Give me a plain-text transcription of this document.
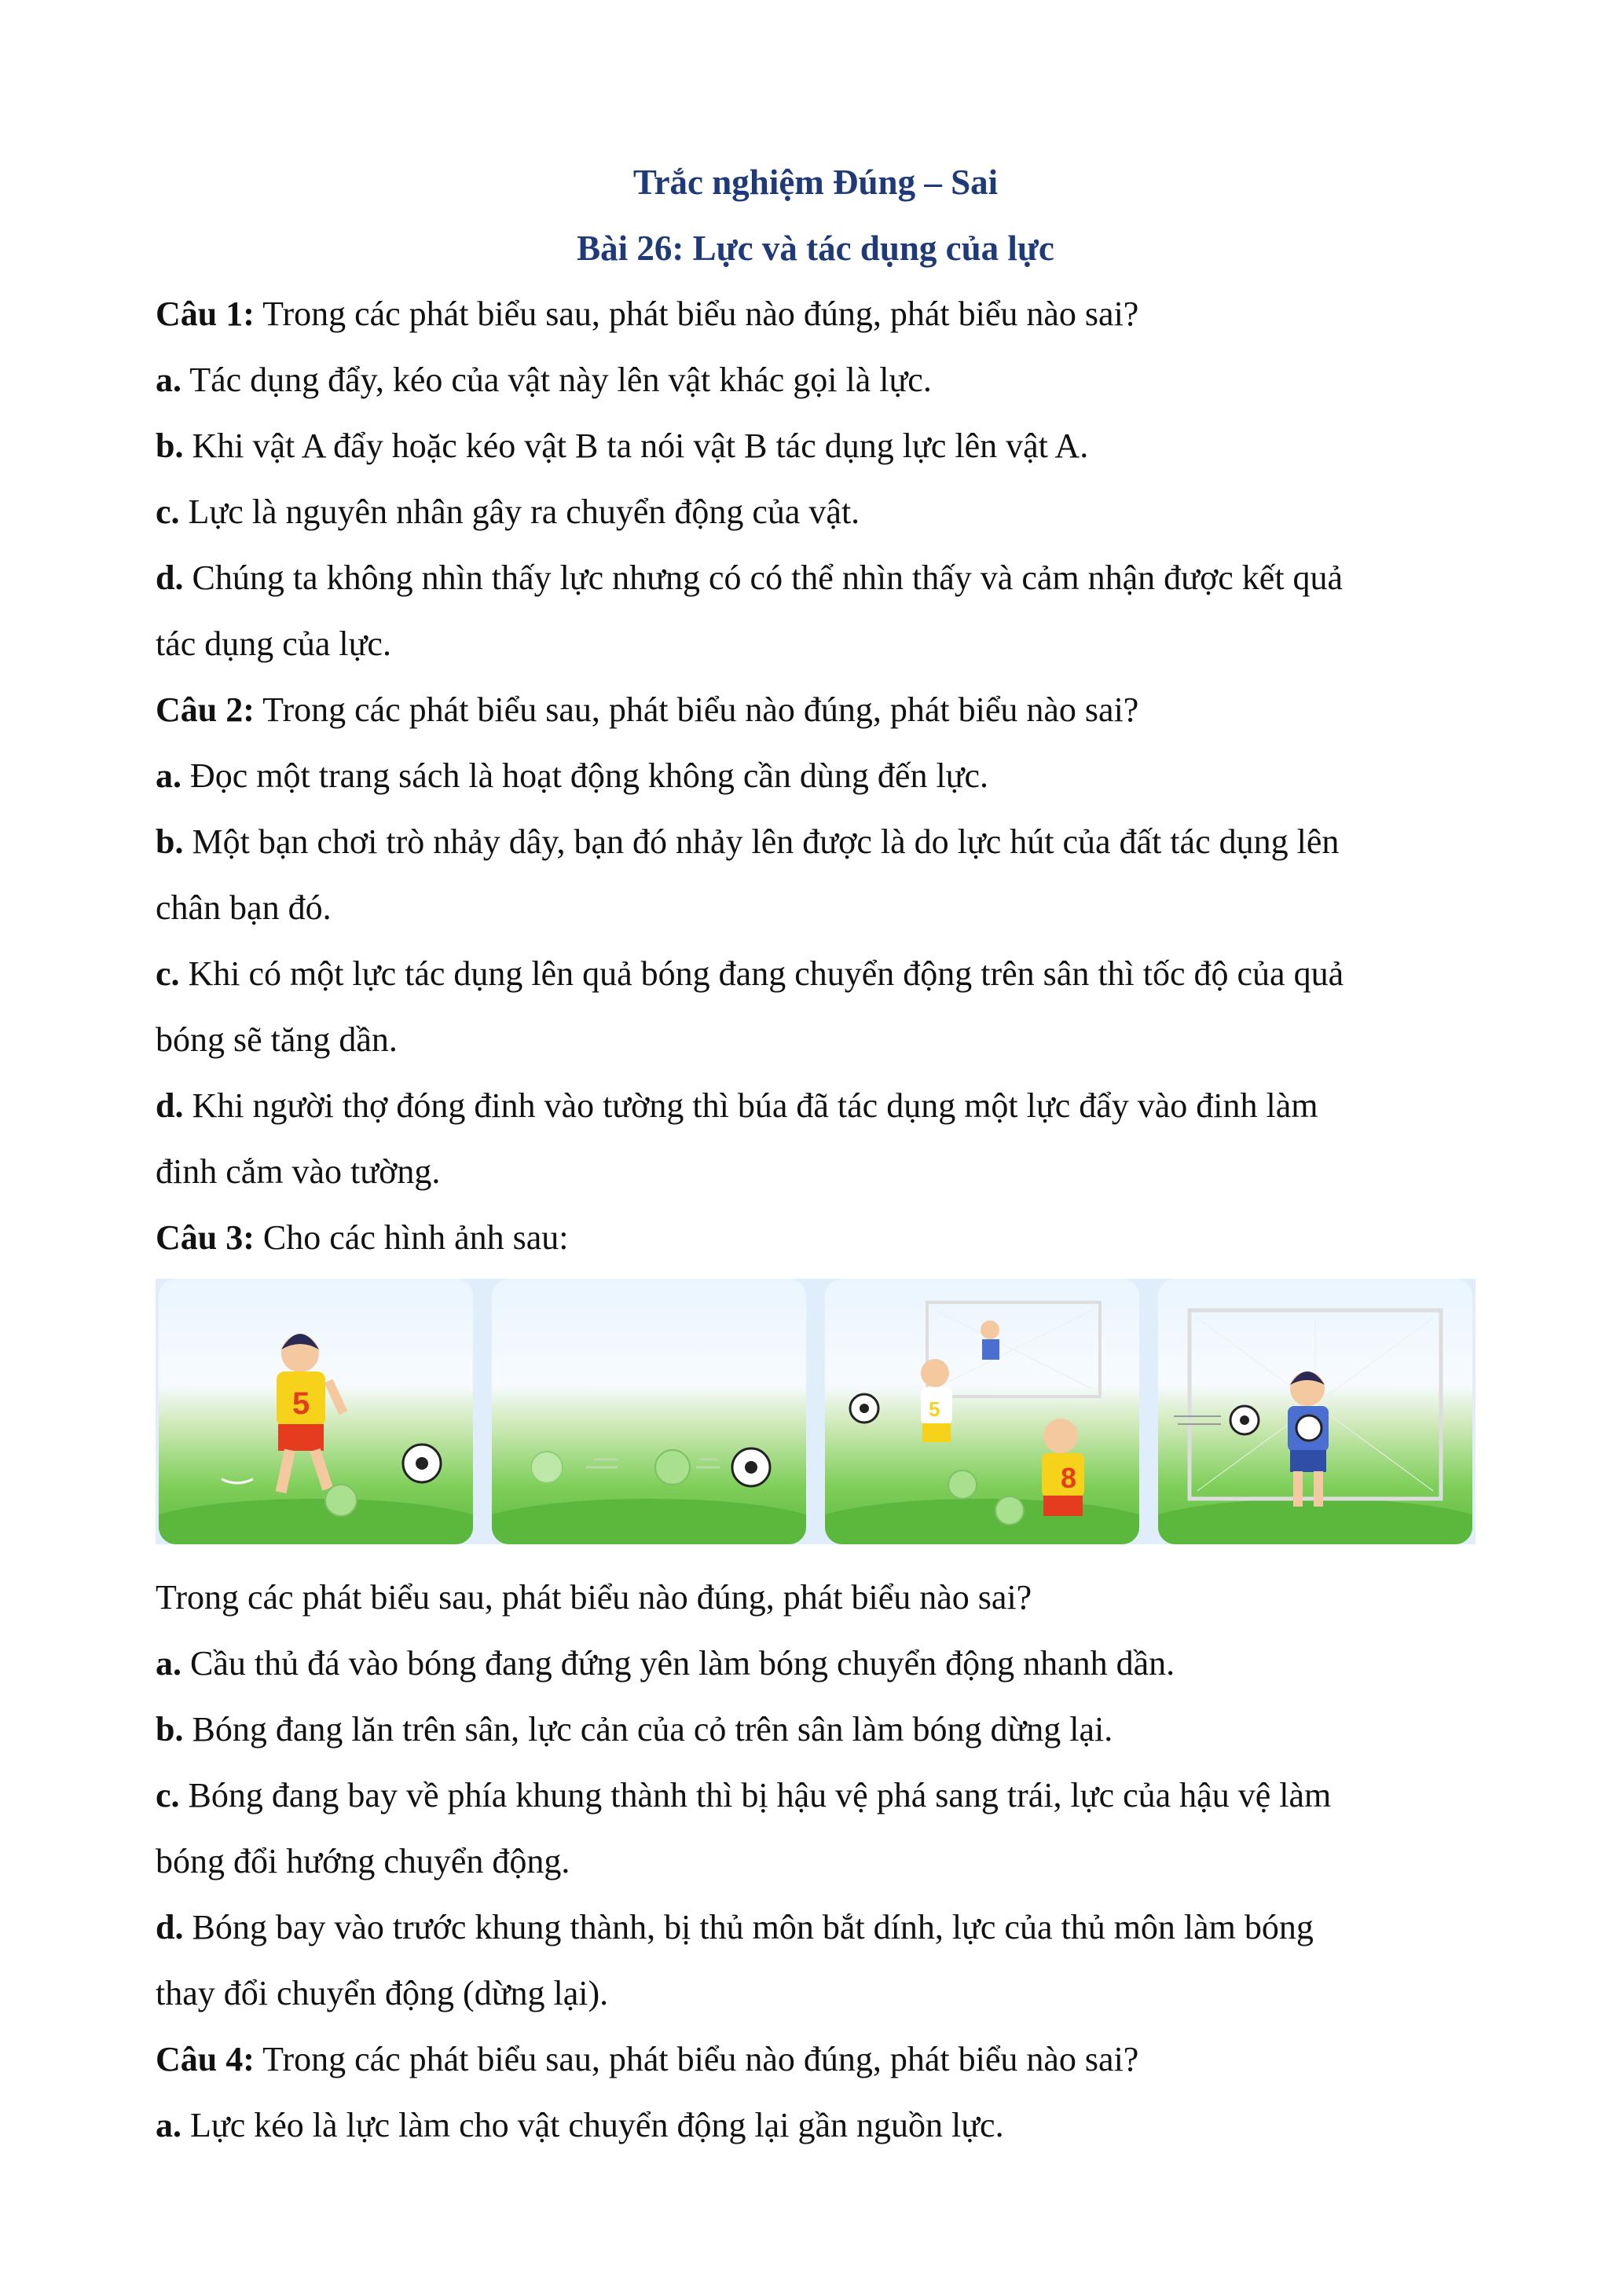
Trắc nghiệm Đúng – Sai

Bài 26: Lực và tác dụng của lực

Câu 1: Trong các phát biểu sau, phát biểu nào đúng, phát biểu nào sai?

a. Tác dụng đẩy, kéo của vật này lên vật khác gọi là lực.

b. Khi vật A đẩy hoặc kéo vật B ta nói vật B tác dụng lực lên vật A.

c. Lực là nguyên nhân gây ra chuyển động của vật.

d. Chúng ta không nhìn thấy lực nhưng có có thể nhìn thấy và cảm nhận được kết quả

tác dụng của lực.

Câu 2: Trong các phát biểu sau, phát biểu nào đúng, phát biểu nào sai?

a. Đọc một trang sách là hoạt động không cần dùng đến lực.

b. Một bạn chơi trò nhảy dây, bạn đó nhảy lên được là do lực hút của đất tác dụng lên

chân bạn đó.

c. Khi có một lực tác dụng lên quả bóng đang chuyển động trên sân thì tốc độ của quả

bóng sẽ tăng dần.

d. Khi người thợ đóng đinh vào tường thì búa đã tác dụng một lực đẩy vào đinh làm

đinh cắm vào tường.

Câu 3: Cho các hình ảnh sau:

5
8
5

Trong các phát biểu sau, phát biểu nào đúng, phát biểu nào sai?

a. Cầu thủ đá vào bóng đang đứng yên làm bóng chuyển động nhanh dần.

b. Bóng đang lăn trên sân, lực cản của cỏ trên sân làm bóng dừng lại.

c. Bóng đang bay về phía khung thành thì bị hậu vệ phá sang trái, lực của hậu vệ làm

bóng đổi hướng chuyển động.

d. Bóng bay vào trước khung thành, bị thủ môn bắt dính, lực của thủ môn làm bóng

thay đổi chuyển động (dừng lại).

Câu 4: Trong các phát biểu sau, phát biểu nào đúng, phát biểu nào sai?

a. Lực kéo là lực làm cho vật chuyển động lại gần nguồn lực.
